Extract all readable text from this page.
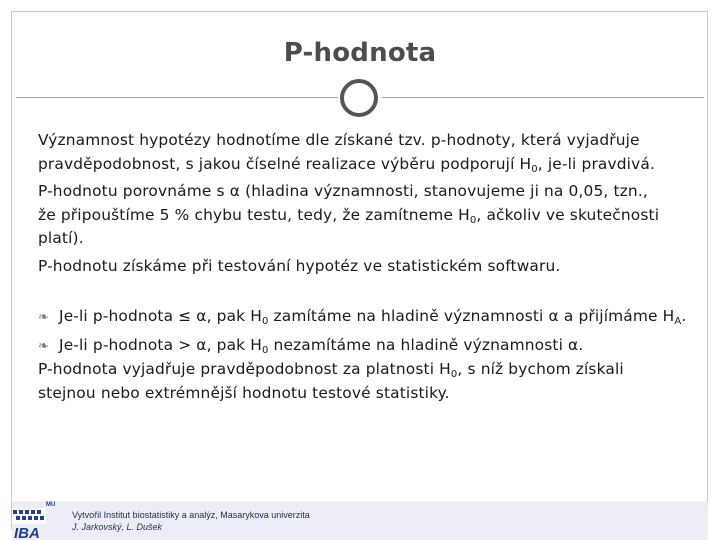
P-hodnota

Významnost hypotézy hodnotíme dle získané tzv. p-hodnoty, která vyjadřuje
pravděpodobnost, s jakou číselné realizace výběru podporují $H_0$, je-li pravdivá.

P-hodnotu porovnáme s α (hladina významnosti, stanovujeme ji na 0,05, tzn.,
že připouštíme 5 % chybu testu, tedy, že zamítneme $H_0$, ačkoliv ve skutečnosti
platí).

P-hodnotu získáme při testování hypotéz ve statistickém softwaru.

❧ Je-li p-hodnota ≤ α, pak $H_0$ zamítáme na hladině významnosti α a přijímáme $H_A$.
❧ Je-li p-hodnota > α, pak $H_0$ nezamítáme na hladině významnosti α.

P-hodnota vyjadřuje pravděpodobnost za platnosti $H_0$, s níž bychom získali
stejnou nebo extrémnější hodnotu testové statistiky.

MU
IBA
Vytvořil Institut biostatistiky a analýz, Masarykova univerzita
J. Jarkovský, L. Dušek
